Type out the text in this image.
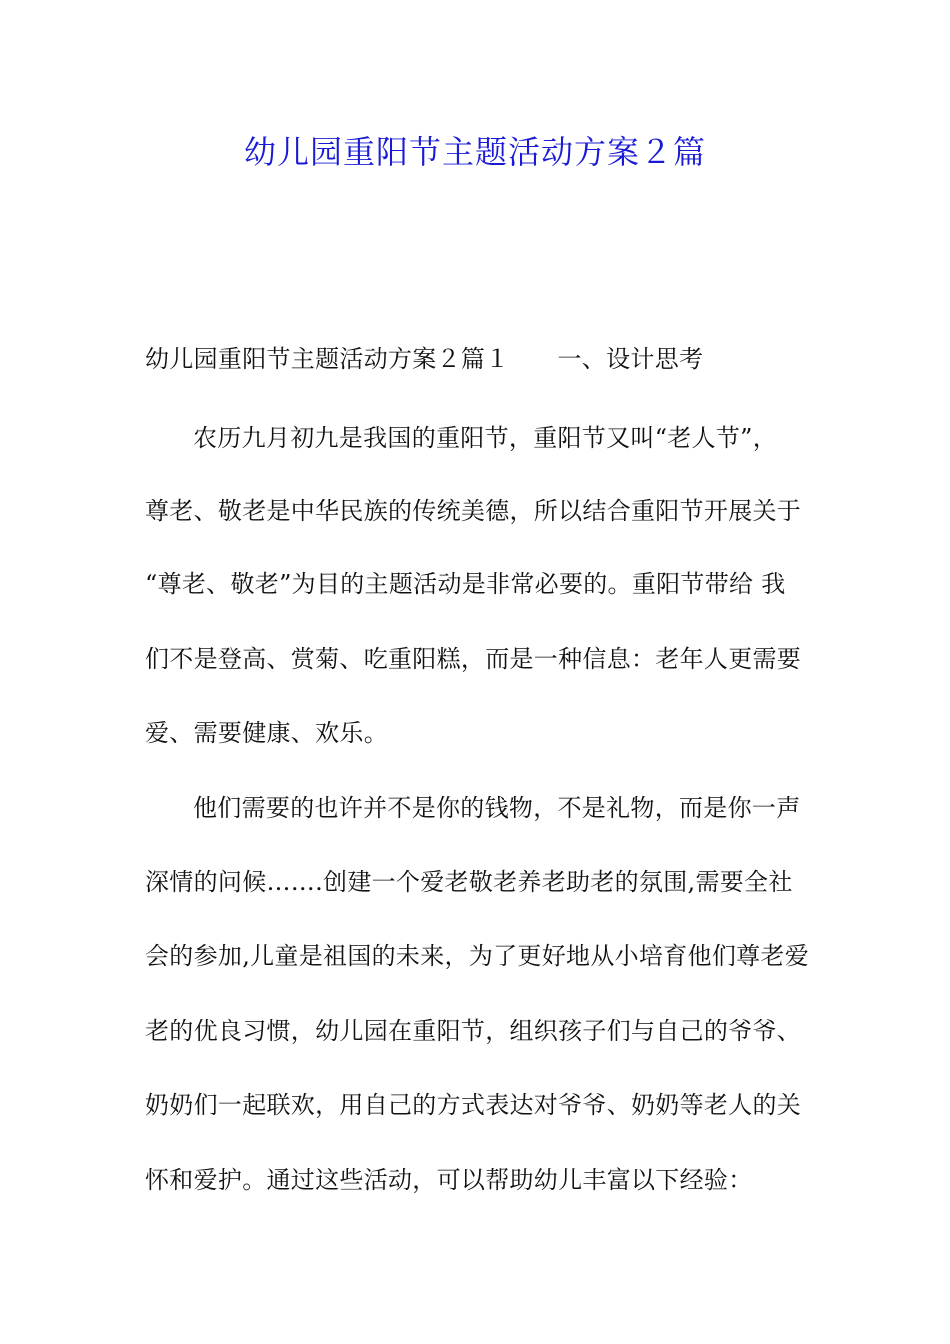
幼儿园重阳节主题活动方案２篇
幼儿园重阳节主题活动方案２篇１ 一、设计思考
农历九月初九是我国的重阳节，重阳节又叫“老人节”，
尊老、敬老是中华民族的传统美德，所以结合重阳节开展关于
“尊老、敬老”为目的主题活动是非常必要的。重阳节带给 我
们不是登高、赏菊、吃重阳糕，而是一种信息：老年人更需要
爱、需要健康、欢乐。
他们需要的也许并不是你的钱物，不是礼物，而是你一声
深情的问候…….创建一个爱老敬老养老助老的氛围,需要全社
会的参加,儿童是祖国的未来，为了更好地从小培育他们尊老爱
老的优良习惯，幼儿园在重阳节，组织孩子们与自己的爷爷、
奶奶们一起联欢，用自己的方式表达对爷爷、奶奶等老人的关
怀和爱护。通过这些活动，可以帮助幼儿丰富以下经验：
